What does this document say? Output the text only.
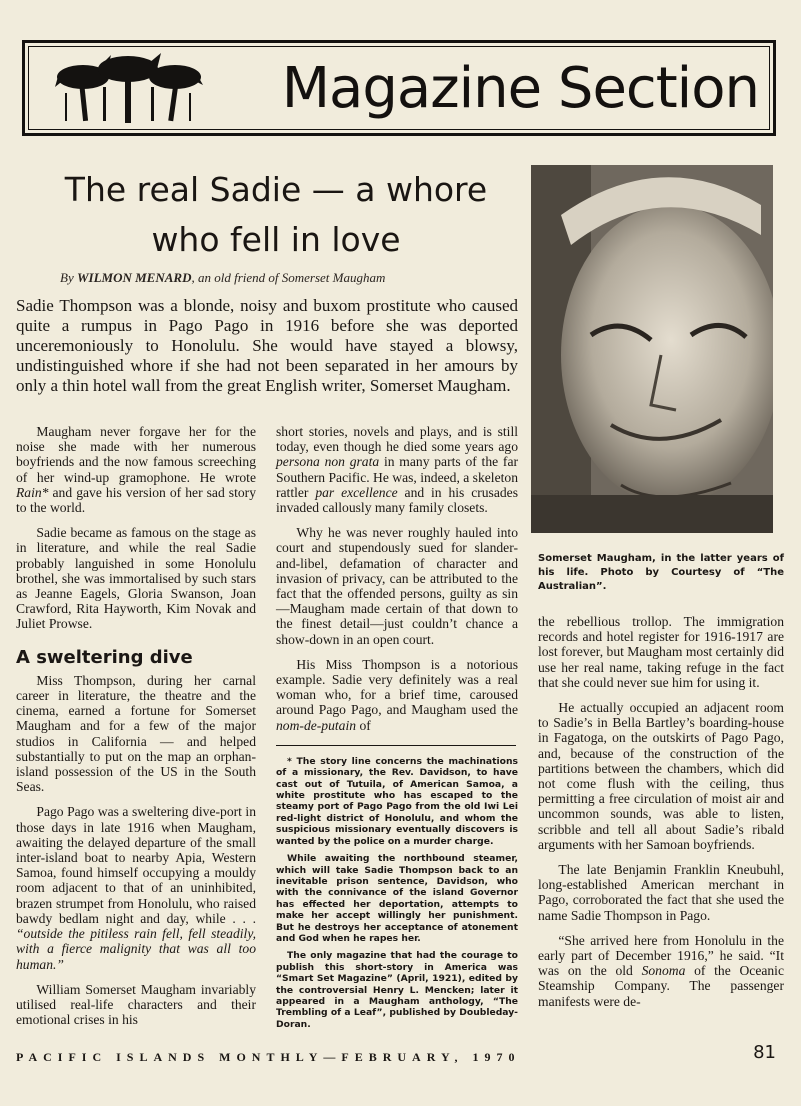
Magazine Section
The real Sadie — a whore
who fell in love
By WILMON MENARD, an old friend of Somerset Maugham

Sadie Thompson was a blonde, noisy and buxom prostitute who caused quite a rumpus in Pago Pago in 1916 before she was deported unceremoniously to Honolulu. She would have stayed a blowsy, undistinguished whore if she had not been separated in her amours by only a thin hotel wall from the great English writer, Somerset Maugham.

Maugham never forgave her for the noise she made with her numerous boyfriends and the now famous screeching of her wind-up gramophone. He wrote Rain* and gave his version of her sad story to the world.

Sadie became as famous on the stage as in literature, and while the real Sadie probably languished in some Honolulu brothel, she was immortalised by such stars as Jeanne Eagels, Gloria Swanson, Joan Crawford, Rita Hayworth, Kim Novak and Juliet Prowse.

A sweltering dive

Miss Thompson, during her carnal career in literature, the theatre and the cinema, earned a fortune for Somerset Maugham and for a few of the major studios in California — and helped substantially to put on the map an orphan-island possession of the US in the South Seas.

Pago Pago was a sweltering dive-port in those days in late 1916 when Maugham, awaiting the delayed departure of the small inter-island boat to nearby Apia, Western Samoa, found himself occupying a mouldy room adjacent to that of an uninhibited, brazen strumpet from Honolulu, who raised bawdy bedlam night and day, while . . . “outside the pitiless rain fell, fell steadily, with a fierce malignity that was all too human.”

William Somerset Maugham invariably utilised real-life characters and their emotional crises in his

short stories, novels and plays, and is still today, even though he died some years ago persona non grata in many parts of the far Southern Pacific. He was, indeed, a skeleton rattler par excellence and in his crusades invaded callously many family closets.

Why he was never roughly hauled into court and stupendously sued for slander-and-libel, defamation of character and invasion of privacy, can be attributed to the fact that the offended persons, guilty as sin—Maugham made certain of that down to the finest detail—just couldn’t chance a show-down in an open court.

His Miss Thompson is a notorious example. Sadie very definitely was a real woman who, for a brief time, caroused around Pago Pago, and Maugham used the nom-de-putain of

* The story line concerns the machinations of a missionary, the Rev. Davidson, to have cast out of Tutuila, of American Samoa, a white prostitute who has escaped to the steamy port of Pago Pago from the old Iwi Lei red-light district of Honolulu, and whom the suspicious missionary eventually discovers is wanted by the police on a murder charge.

While awaiting the northbound steamer, which will take Sadie Thompson back to an inevitable prison sentence, Davidson, who with the connivance of the island Governor has effected her deportation, attempts to make her accept willingly her punishment. But he destroys her acceptance of atonement and God when he rapes her.

The only magazine that had the courage to publish this short-story in America was “Smart Set Magazine” (April, 1921), edited by the controversial Henry L. Mencken; later it appeared in a Maugham anthology, “The Trembling of a Leaf”, published by Doubleday-Doran.

Somerset Maugham, in the latter years of his life. Photo by Courtesy of “The Australian”.

the rebellious trollop. The immigration records and hotel register for 1916-1917 are lost forever, but Maugham most certainly did use her real name, taking refuge in the fact that she could never sue him for using it.

He actually occupied an adjacent room to Sadie’s in Bella Bartley’s boarding-house in Fagatoga, on the outskirts of Pago Pago, and, because of the construction of the partitions between the chambers, which did not come flush with the ceiling, thus permitting a free circulation of moist air and uncommon sounds, was able to listen, scribble and tell all about Sadie’s ribald arguments with her Samoan boyfriends.

The late Benjamin Franklin Kneubuhl, long-established American merchant in Pago, corroborated the fact that she used the name Sadie Thompson in Pago.

“She arrived here from Honolulu in the early part of December 1916,” he said. “It was on the old Sonoma of the Oceanic Steamship Company. The passenger manifests were de-

PACIFIC ISLANDS MONTHLY—FEBRUARY, 1970	81
